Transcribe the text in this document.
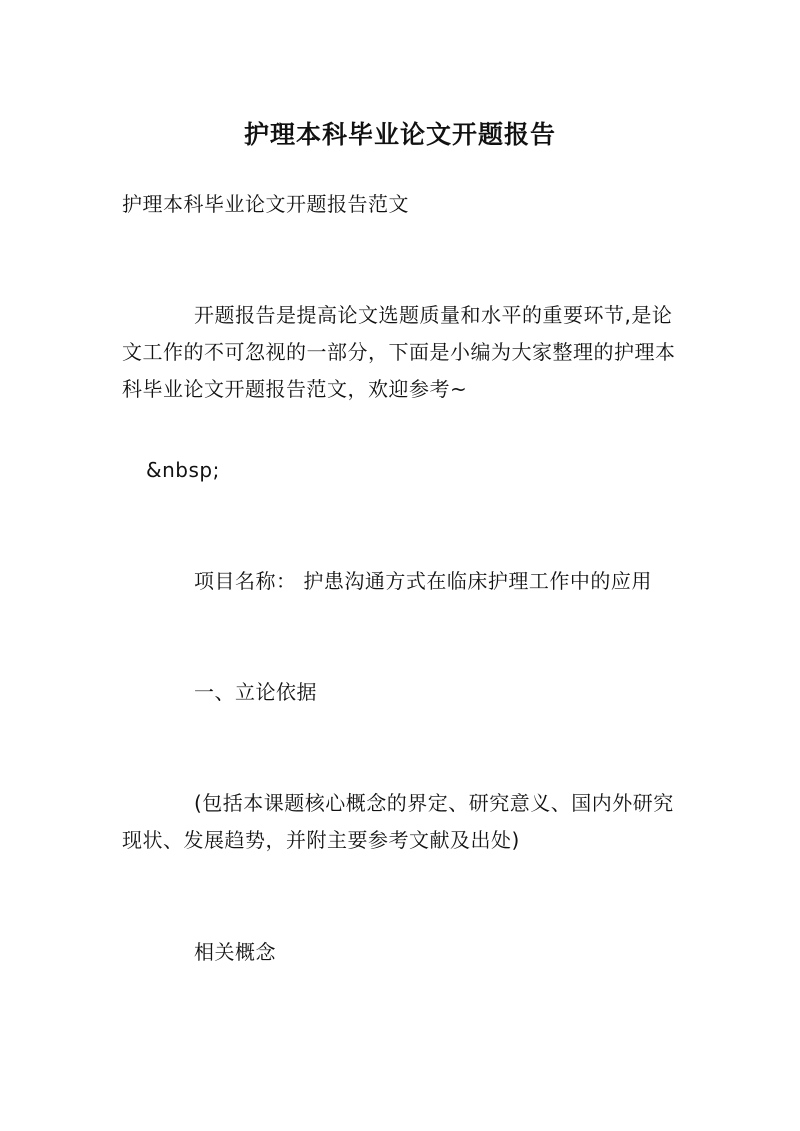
护理本科毕业论文开题报告

护理本科毕业论文开题报告范文

开题报告是提高论文选题质量和水平的重要环节,是论文工作的不可忽视的一部分，下面是小编为大家整理的护理本科毕业论文开题报告范文，欢迎参考~

&nbsp;

项目名称： 护患沟通方式在临床护理工作中的应用

一、立论依据

(包括本课题核心概念的界定、研究意义、国内外研究现状、发展趋势，并附主要参考文献及出处)

相关概念
